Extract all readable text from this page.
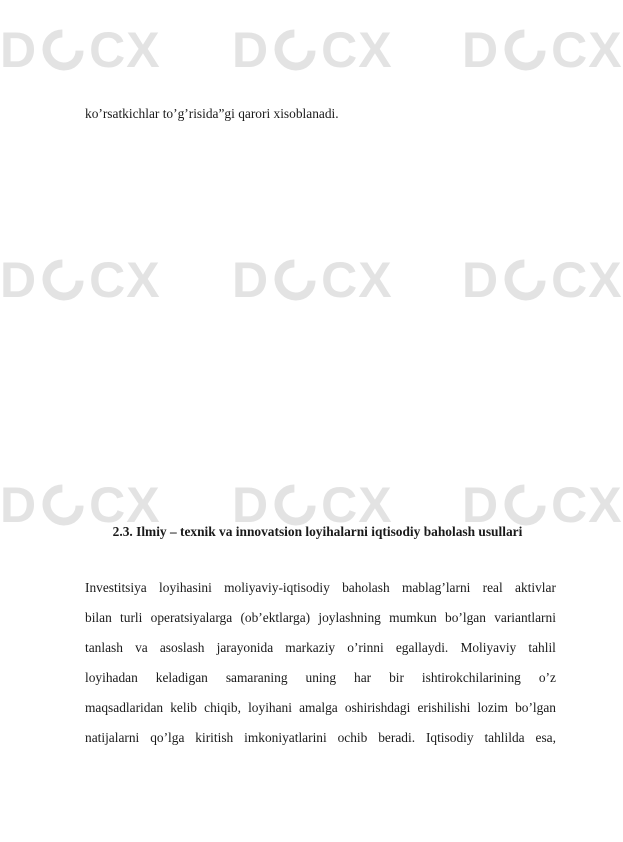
D CX D CX D CX
D CX D CX D CX
D CX D CX D CX
ko’rsatkichlar to’g’risida”gi qarori xisoblanadi.
2.3. Ilmiy – texnik va innovatsion loyihalarni iqtisodiy baholash usullari
Investitsiya loyihasini moliyaviy-iqtisodiy baholash mablag’larni real aktivlar
bilan turli operatsiyalarga (ob’ektlarga) joylashning mumkun bo’lgan variantlarni
tanlash va asoslash jarayonida markaziy o’rinni egallaydi. Moliyaviy tahlil
loyihadan keladigan samaraning uning har bir ishtirokchilarining o’z
maqsadlaridan kelib chiqib, loyihani amalga oshirishdagi erishilishi lozim bo’lgan
natijalarni qo’lga kiritish imkoniyatlarini ochib beradi. Iqtisodiy tahlilda esa,
